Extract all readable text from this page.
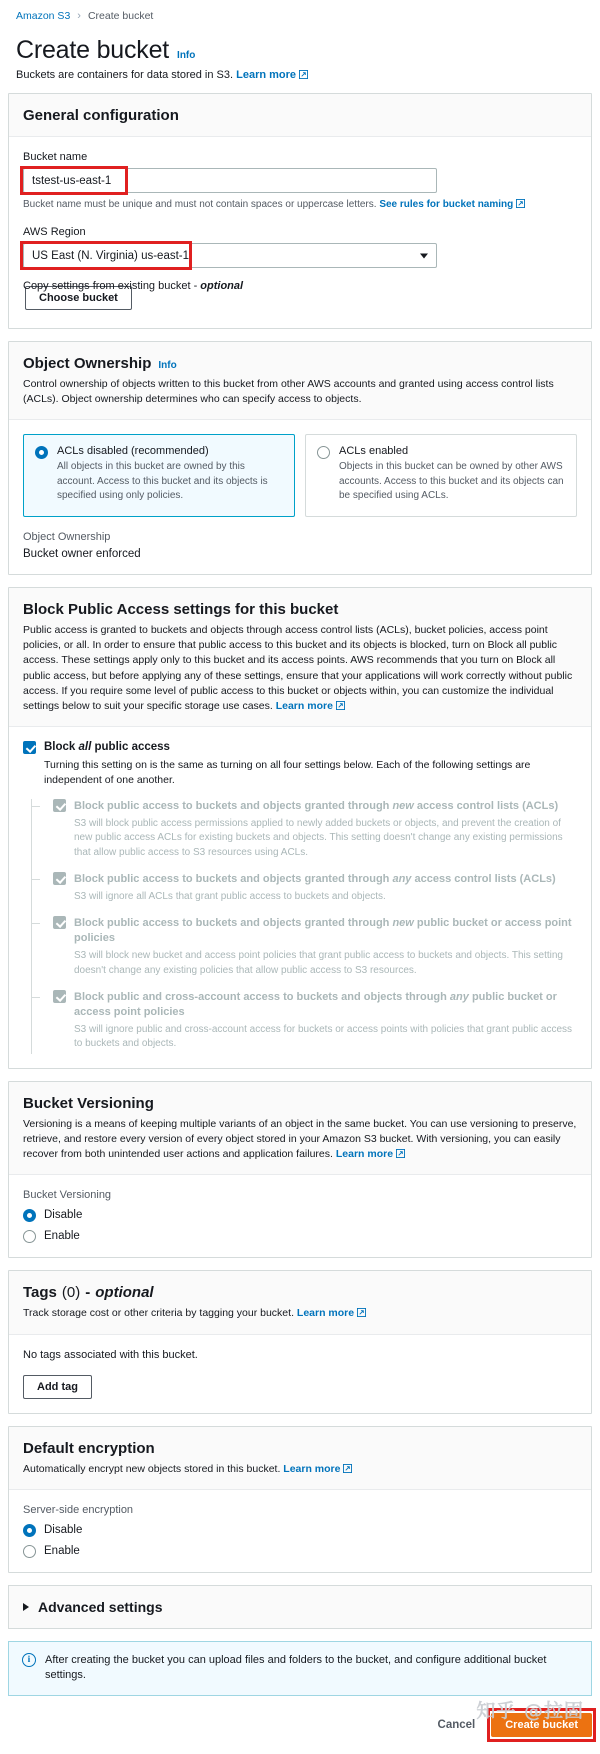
Amazon S3 › Create bucket
Create bucket Info
Buckets are containers for data stored in S3. Learn more
General configuration
Bucket name
tstest-us-east-1
Bucket name must be unique and must not contain spaces or uppercase letters. See rules for bucket naming
AWS Region
US East (N. Virginia) us-east-1
Copy settings from existing bucket - optional
Choose bucket
Object Ownership Info
Control ownership of objects written to this bucket from other AWS accounts and granted using access control lists (ACLs). Object ownership determines who can specify access to objects.
ACLs disabled (recommended)
All objects in this bucket are owned by this account. Access to this bucket and its objects is specified using only policies.
ACLs enabled
Objects in this bucket can be owned by other AWS accounts. Access to this bucket and its objects can be specified using ACLs.
Object Ownership
Bucket owner enforced
Block Public Access settings for this bucket
Public access is granted to buckets and objects through access control lists (ACLs), bucket policies, access point policies, or all. In order to ensure that public access to this bucket and its objects is blocked, turn on Block all public access. These settings apply only to this bucket and its access points. AWS recommends that you turn on Block all public access, but before applying any of these settings, ensure that your applications will work correctly without public access. If you require some level of public access to this bucket or objects within, you can customize the individual settings below to suit your specific storage use cases. Learn more
Block all public access
Turning this setting on is the same as turning on all four settings below. Each of the following settings are independent of one another.
Block public access to buckets and objects granted through new access control lists (ACLs)
S3 will block public access permissions applied to newly added buckets or objects, and prevent the creation of new public access ACLs for existing buckets and objects. This setting doesn't change any existing permissions that allow public access to S3 resources using ACLs.
Block public access to buckets and objects granted through any access control lists (ACLs)
S3 will ignore all ACLs that grant public access to buckets and objects.
Block public access to buckets and objects granted through new public bucket or access point policies
S3 will block new bucket and access point policies that grant public access to buckets and objects. This setting doesn't change any existing policies that allow public access to S3 resources.
Block public and cross-account access to buckets and objects through any public bucket or access point policies
S3 will ignore public and cross-account access for buckets or access points with policies that grant public access to buckets and objects.
Bucket Versioning
Versioning is a means of keeping multiple variants of an object in the same bucket. You can use versioning to preserve, retrieve, and restore every version of every object stored in your Amazon S3 bucket. With versioning, you can easily recover from both unintended user actions and application failures. Learn more
Bucket Versioning
Disable
Enable
Tags (0) - optional
Track storage cost or other criteria by tagging your bucket. Learn more
No tags associated with this bucket.
Add tag
Default encryption
Automatically encrypt new objects stored in this bucket. Learn more
Server-side encryption
Disable
Enable
Advanced settings
i	After creating the bucket you can upload files and folders to the bucket, and configure additional bucket settings.
Cancel	Create bucket
知乎 @拉固
